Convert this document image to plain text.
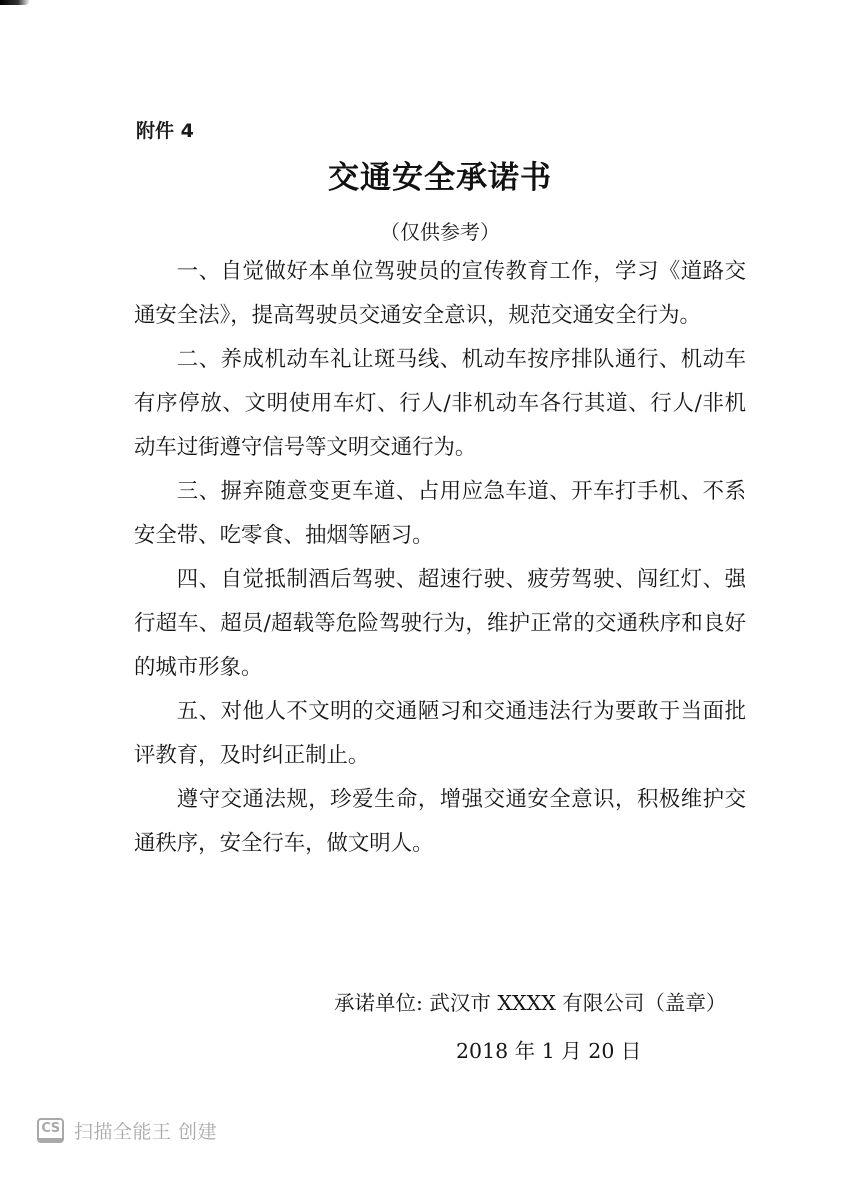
附件 4
交通安全承诺书
（仅供参考）

一、自觉做好本单位驾驶员的宣传教育工作，学习《道路交通安全法》，提高驾驶员交通安全意识，规范交通安全行为。

二、养成机动车礼让斑马线、机动车按序排队通行、机动车有序停放、文明使用车灯、行人/非机动车各行其道、行人/非机动车过街遵守信号等文明交通行为。

三、摒弃随意变更车道、占用应急车道、开车打手机、不系安全带、吃零食、抽烟等陋习。

四、自觉抵制酒后驾驶、超速行驶、疲劳驾驶、闯红灯、强行超车、超员/超载等危险驾驶行为，维护正常的交通秩序和良好的城市形象。

五、对他人不文明的交通陋习和交通违法行为要敢于当面批评教育，及时纠正制止。

遵守交通法规，珍爱生命，增强交通安全意识，积极维护交通秩序，安全行车，做文明人。

承诺单位: 武汉市 XXXX 有限公司（盖章）
2018 年 1 月 20 日
CS 扫描全能王 创建
